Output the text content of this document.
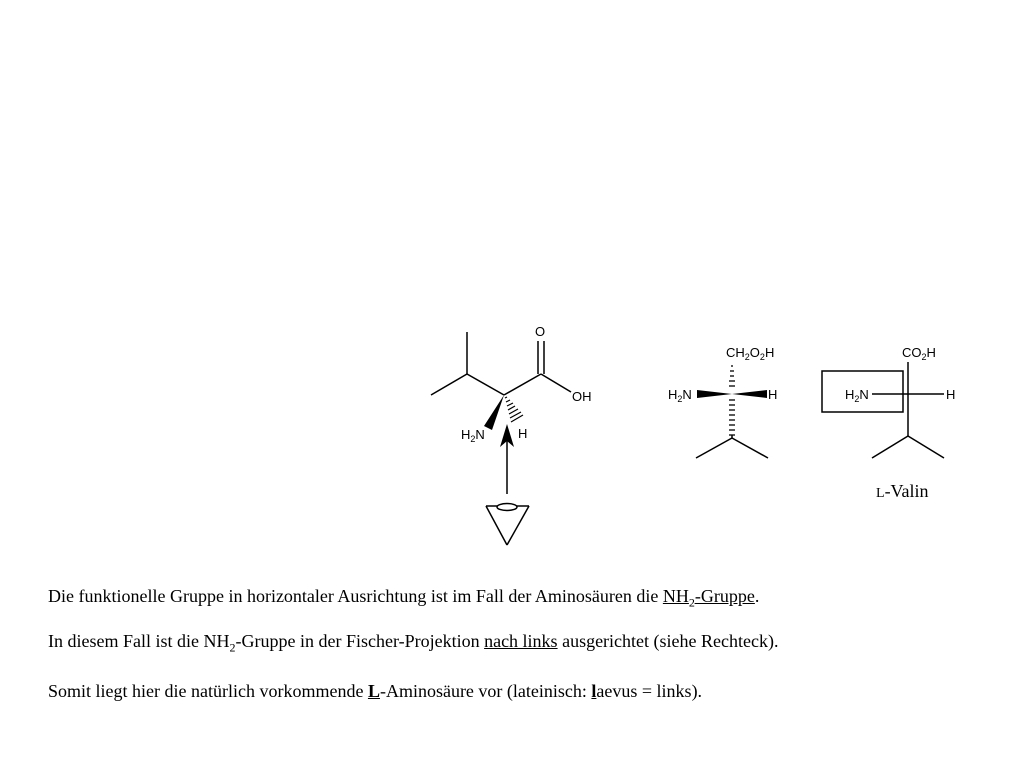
O
OH
$H_2N$	H
$CH_2O_2H$
$H_2N$	H
$CO_2H$
$H_2N$	H
L-Valin
Die funktionelle Gruppe in horizontaler Ausrichtung ist im Fall der Aminosäuren die $NH_2$-Gruppe.
In diesem Fall ist die $NH_2$-Gruppe in der Fischer-Projektion nach links ausgerichtet (siehe Rechteck).
Somit liegt hier die natürlich vorkommende L-Aminosäure vor (lateinisch: laevus = links).
